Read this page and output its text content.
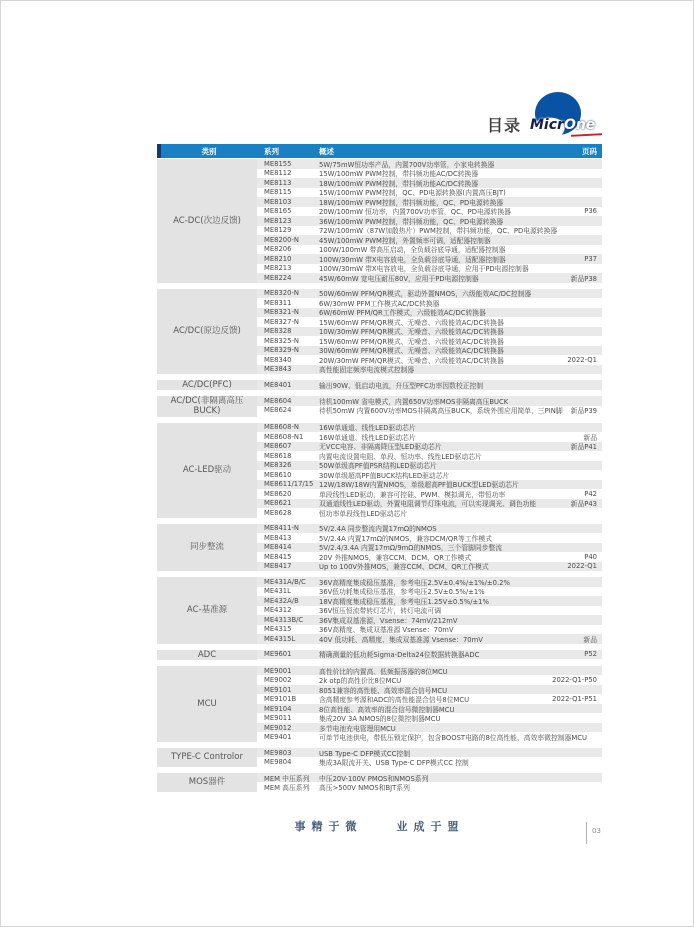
目录 MicrOne
类别	系列	概述	页码
AC-DC(次边反馈)
ME8155	5W/75mW恒功率产品，内置700V功率管，小家电转换器
ME8112	15W/100mW PWM控制，带抖频功能AC/DC转换器
ME8113	18W/100mW PWM控制，带抖频功能AC/DC转换器
ME8115	15W/100mW PWM控制，QC、PD电源转换器(内置高压BJT)
ME8103	18W/100mW PWM控制，带抖频功能，QC、PD电源转换器
ME8165	20W/100mW 恒功率，内置700V功率管，QC、PD电源转换器	P36
ME8123	36W/100mW PWM控制，带抖频功能，QC、PD电源转换器
ME8129	72W/100mW（87W加散热片）PWM控制，带抖频功能，QC、PD电源转换器
ME8200-N	45W/100mW PWM控制，外置频率可调，适配器控制器
ME8206	100W/100mW 带高压启动，全负载谷底导通，适配器控制器
ME8210	100W/30mW 带X电容放电，全负载谷底导通，适配器控制器	P37
ME8213	100W/30mW 带X电容放电，全负载谷底导通，应用于PD电源控制器
ME8224	45W/60mW 宽电压耐压80V，应用于PD电源控制器	新品P38
AC/DC(原边反馈)
ME8320-N	50W/60mW PFM/QR模式，驱动外置NMOS，六级能效AC/DC控制器
ME8311	6W/30mW PFM工作模式AC/DC转换器
ME8321-N	6W/60mW PFM/QR工作模式，六级能效AC/DC转换器
ME8327-N	15W/60mW PFM/QR模式、无噪音、六级能效AC/DC转换器
ME8328	10W/30mW PFM/QR模式、无噪音、六级能效AC/DC转换器
ME8325-N	15W/60mW PFM/QR模式、无噪音、六级能效AC/DC转换器
ME8329-N	30W/60mW PFM/QR模式、无噪音、六级能效AC/DC转换器
ME8340	20W/30mW PFM/QR模式、无噪音、六级能效AC/DC转换器	2022-Q1
ME3843	高性能固定频率电流模式控制器
AC/DC(PFC)	ME8401	输出90W、低启动电流，升压型PFC功率因数校正控制
AC/DC(非隔离高压BUCK)
ME8604	待机100mW 省电模式，内置650V功率MOS非隔离高压BUCK
ME8624	待机50mW 内置600V功率MOS非隔离高压BUCK，系统外围应用简单，三PIN脚	新品P39
AC-LED驱动
ME8608-N	16W单通道、线性LED驱动芯片
ME8608-N1	16W单通道、线性LED驱动芯片	新品
ME8607	无VCC电容、非隔离降压型LED驱动芯片	新品P41
ME8618	内置电流设置电阻、单段、恒功率、线性LED驱动芯片
ME8326	50W单级高PF值PSR结构LED驱动芯片
ME8610	30W单级超高PF值BUCK结构LED驱动芯片
ME8611/17/15 12W/18W/18W内置NMOS，单级超高PF值BUCK型LED驱动芯片
ME8620	单段线性LED驱动，兼容可控硅、PWM、模拟调光，带恒功率	P42
ME8621	双通道线性LED驱动，外置电阻调节灯珠电流，可以实现调光、调色功能	新品P43
ME8628	恒功率单段线性LED驱动芯片
同步整流
ME8411-N	5V/2.4A 同步整流内置17mΩ的NMOS
ME8413	5V/2.4A 内置17mΩ的NMOS，兼容DCM/QR等工作模式
ME8414	5V/2.4/3.4A 内置17mΩ/9mΩ的NMOS，三个管脚同步整流
ME8415	20V 外推NMOS，兼容CCM、DCM、QR工作模式	P40
ME8417	Up to 100V外推MOS，兼容CCM、DCM、QR工作模式	2022-Q1
AC-基准源
ME431A/B/C	36V高精度集成稳压基准，参考电压2.5V±0.4%/±1%/±0.2%
ME431L	36V低功耗集成稳压基准，参考电压2.5V±0.5%/±1%
ME432A/B	18V高精度集成稳压基准，参考电压1.25V±0.5%/±1%
ME4312	36V恒压恒流带转灯芯片，转灯电流可调
ME4313B/C	36V集成双基准源，Vsense：74mV/212mV
ME4315	36V高精度、集成双基准源 Vsense：70mV
ME4315L	40V 低功耗、高精度、集成双基准源 Vsense：70mV	新品
ADC	ME9601	精确测量的低功耗Sigma-Delta24位数据转换器ADC	P52
MCU
ME9001	高性价比的内置高、低频振荡器的8位MCU
ME9002	2k otp的高性价比8位MCU	2022-Q1-P50
ME9101	8051兼容的高性能、高效率混合信号MCU
ME9101B	含高精度参考源和ADC的高性能混合信号8位MCU	2022-Q1-P51
ME9104	8位高性能、高效率的混合信号微控制器MCU
ME9011	集成20V 3A NMOS的8位微控制器MCU
ME9012	多节电池充电管理用MCU
ME9401	可单节电池供电，带低压锁定保护，包含BOOST电路的8位高性能、高效率微控制器MCU
TYPE-C Controlor	ME9803	USB Type-C DFP模式CC控制
ME9804	集成3A限流开关、USB Type-C DFP模式CC 控制
MOS器件	MEM 中压系列	中压20V-100V PMOS和NMOS系列
MEM 高压系列	高压>500V NMOS和BJT系列
事精于微	业成于盟	03
